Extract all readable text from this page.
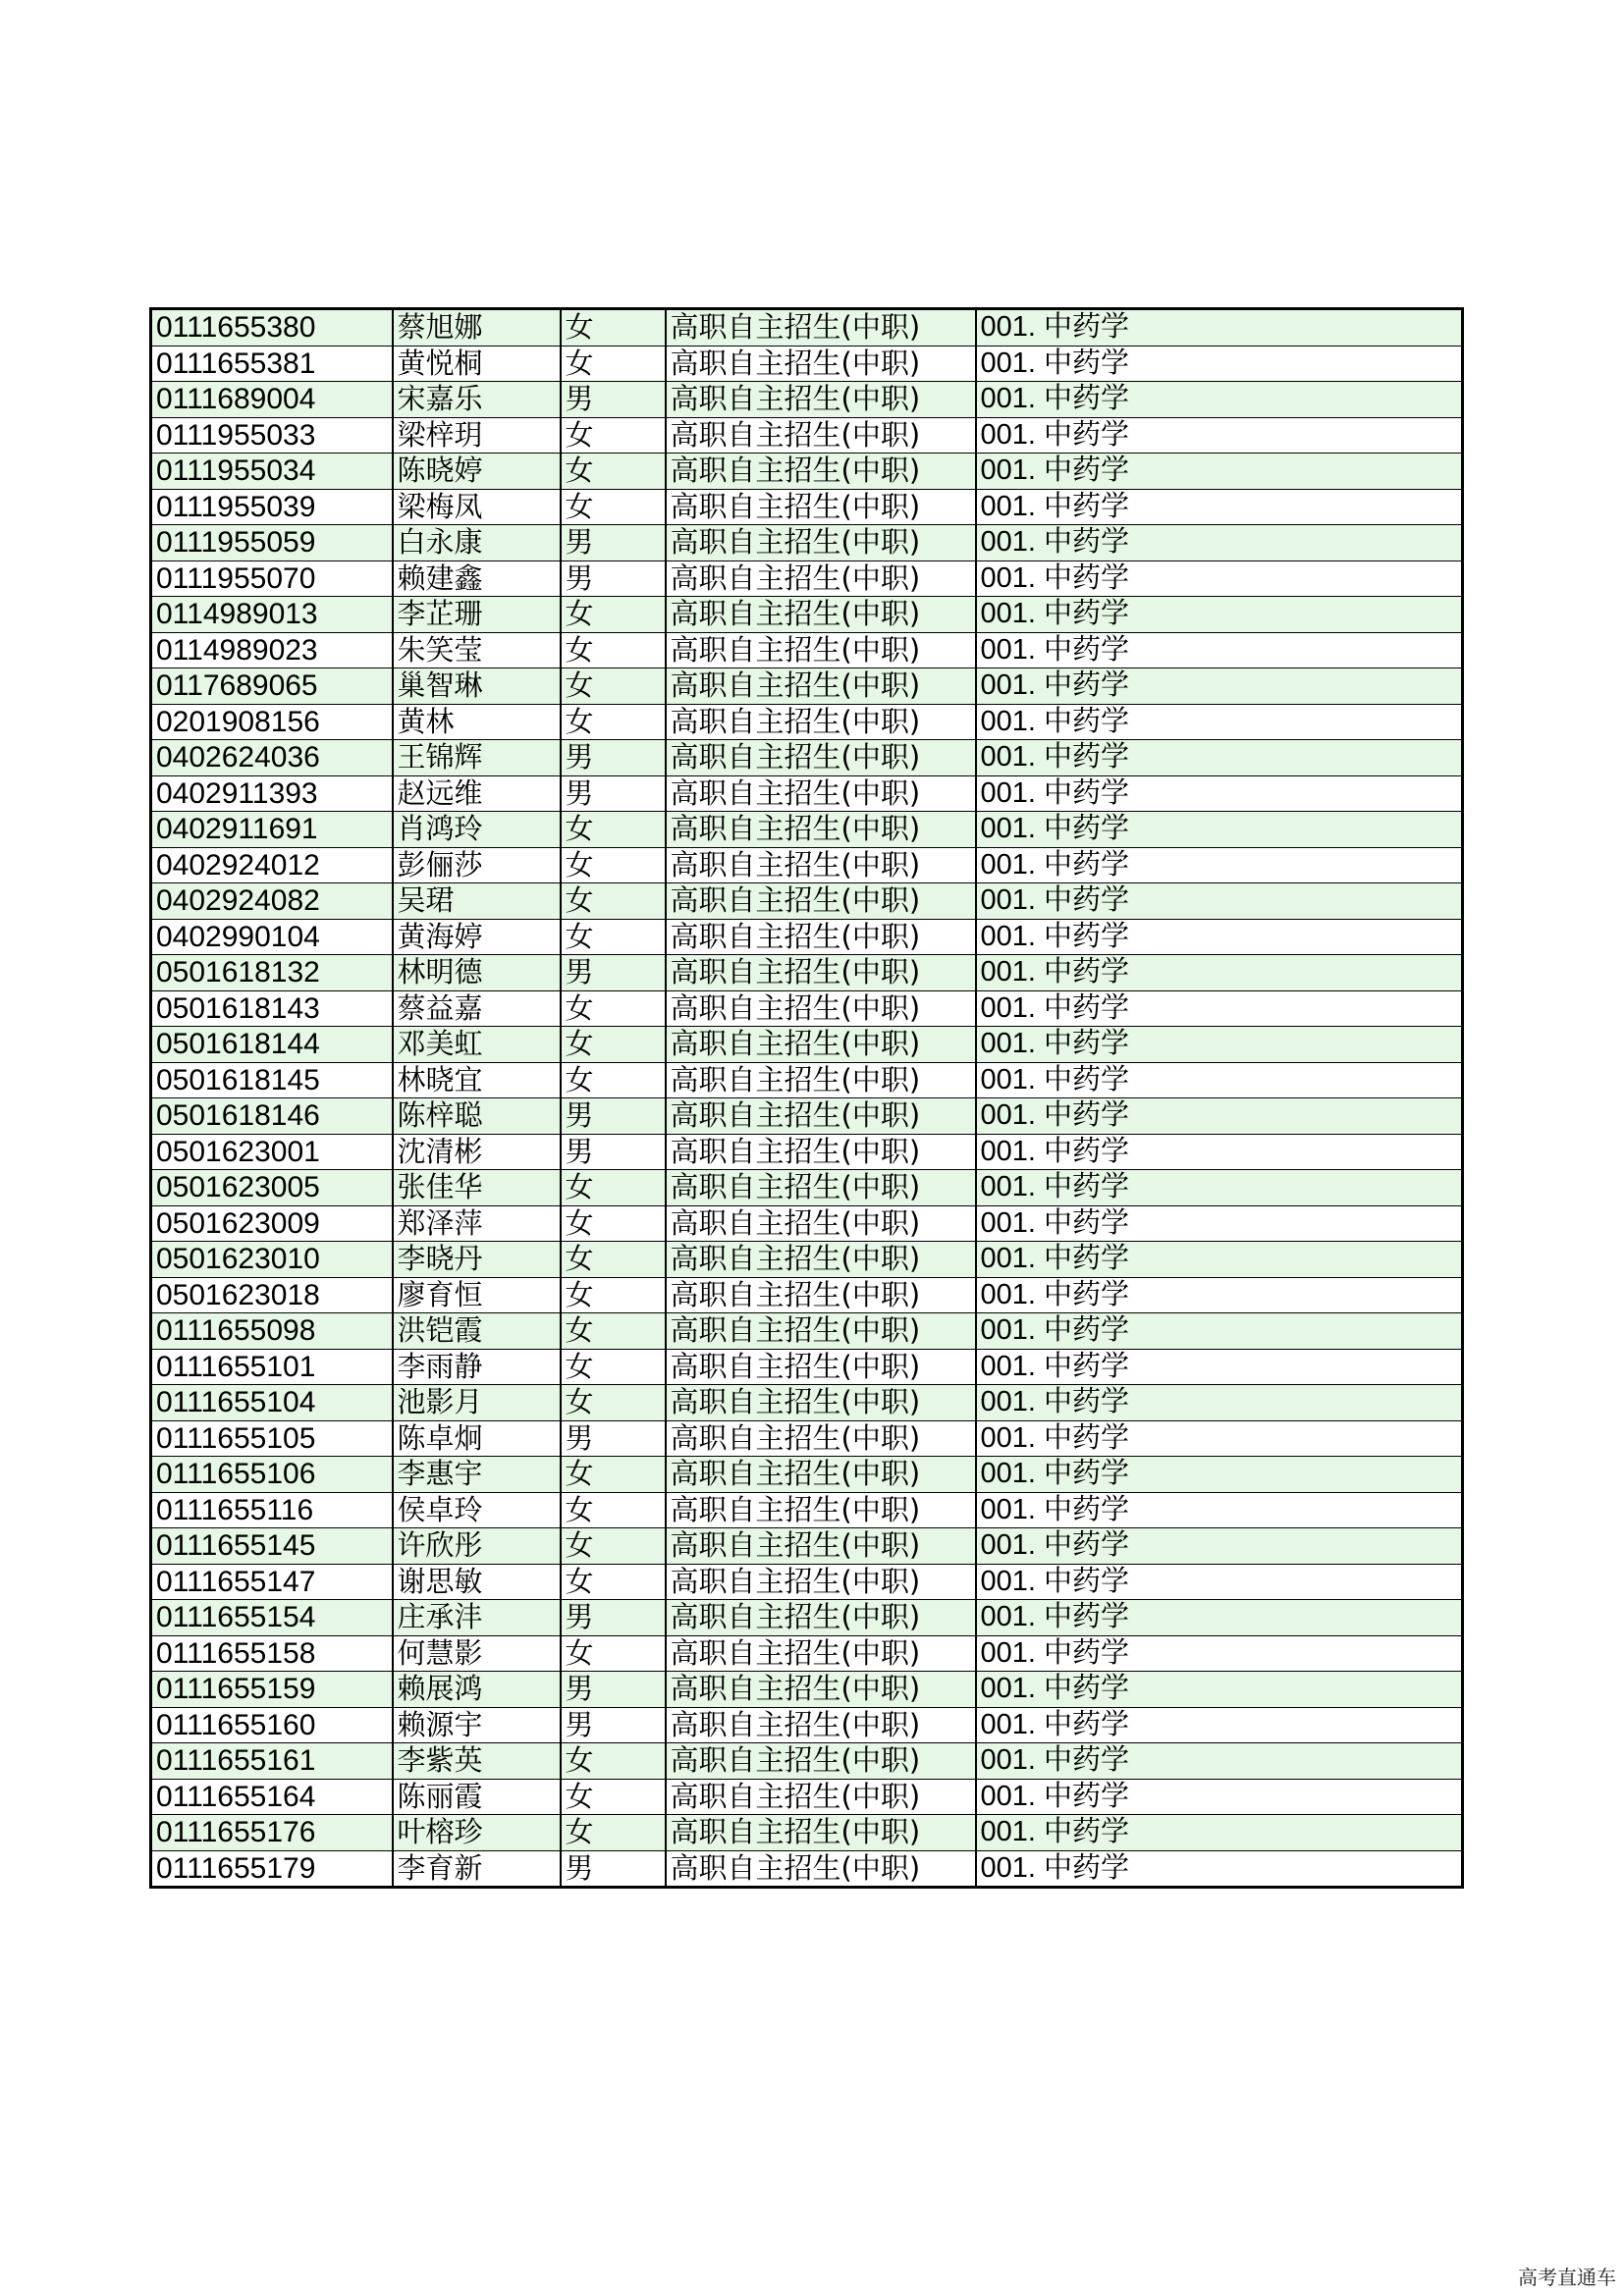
0111655380	蔡旭娜	女	高职自主招生(中职)	001. 中药学
0111655381	黄悦桐	女	高职自主招生(中职)	001. 中药学
0111689004	宋嘉乐	男	高职自主招生(中职)	001. 中药学
0111955033	梁梓玥	女	高职自主招生(中职)	001. 中药学
0111955034	陈晓婷	女	高职自主招生(中职)	001. 中药学
0111955039	梁梅凤	女	高职自主招生(中职)	001. 中药学
0111955059	白永康	男	高职自主招生(中职)	001. 中药学
0111955070	赖建鑫	男	高职自主招生(中职)	001. 中药学
0114989013	李芷珊	女	高职自主招生(中职)	001. 中药学
0114989023	朱笑莹	女	高职自主招生(中职)	001. 中药学
0117689065	巢智琳	女	高职自主招生(中职)	001. 中药学
0201908156	黄林	女	高职自主招生(中职)	001. 中药学
0402624036	王锦辉	男	高职自主招生(中职)	001. 中药学
0402911393	赵远维	男	高职自主招生(中职)	001. 中药学
0402911691	肖鸿玲	女	高职自主招生(中职)	001. 中药学
0402924012	彭俪莎	女	高职自主招生(中职)	001. 中药学
0402924082	吴珺	女	高职自主招生(中职)	001. 中药学
0402990104	黄海婷	女	高职自主招生(中职)	001. 中药学
0501618132	林明德	男	高职自主招生(中职)	001. 中药学
0501618143	蔡益嘉	女	高职自主招生(中职)	001. 中药学
0501618144	邓美虹	女	高职自主招生(中职)	001. 中药学
0501618145	林晓宜	女	高职自主招生(中职)	001. 中药学
0501618146	陈梓聪	男	高职自主招生(中职)	001. 中药学
0501623001	沈清彬	男	高职自主招生(中职)	001. 中药学
0501623005	张佳华	女	高职自主招生(中职)	001. 中药学
0501623009	郑泽萍	女	高职自主招生(中职)	001. 中药学
0501623010	李晓丹	女	高职自主招生(中职)	001. 中药学
0501623018	廖育恒	女	高职自主招生(中职)	001. 中药学
0111655098	洪铠霞	女	高职自主招生(中职)	001. 中药学
0111655101	李雨静	女	高职自主招生(中职)	001. 中药学
0111655104	池影月	女	高职自主招生(中职)	001. 中药学
0111655105	陈卓炯	男	高职自主招生(中职)	001. 中药学
0111655106	李惠宇	女	高职自主招生(中职)	001. 中药学
0111655116	侯卓玲	女	高职自主招生(中职)	001. 中药学
0111655145	许欣彤	女	高职自主招生(中职)	001. 中药学
0111655147	谢思敏	女	高职自主招生(中职)	001. 中药学
0111655154	庄承沣	男	高职自主招生(中职)	001. 中药学
0111655158	何慧影	女	高职自主招生(中职)	001. 中药学
0111655159	赖展鸿	男	高职自主招生(中职)	001. 中药学
0111655160	赖源宇	男	高职自主招生(中职)	001. 中药学
0111655161	李紫英	女	高职自主招生(中职)	001. 中药学
0111655164	陈丽霞	女	高职自主招生(中职)	001. 中药学
0111655176	叶榕珍	女	高职自主招生(中职)	001. 中药学
0111655179	李育新	男	高职自主招生(中职)	001. 中药学
高考直通车
